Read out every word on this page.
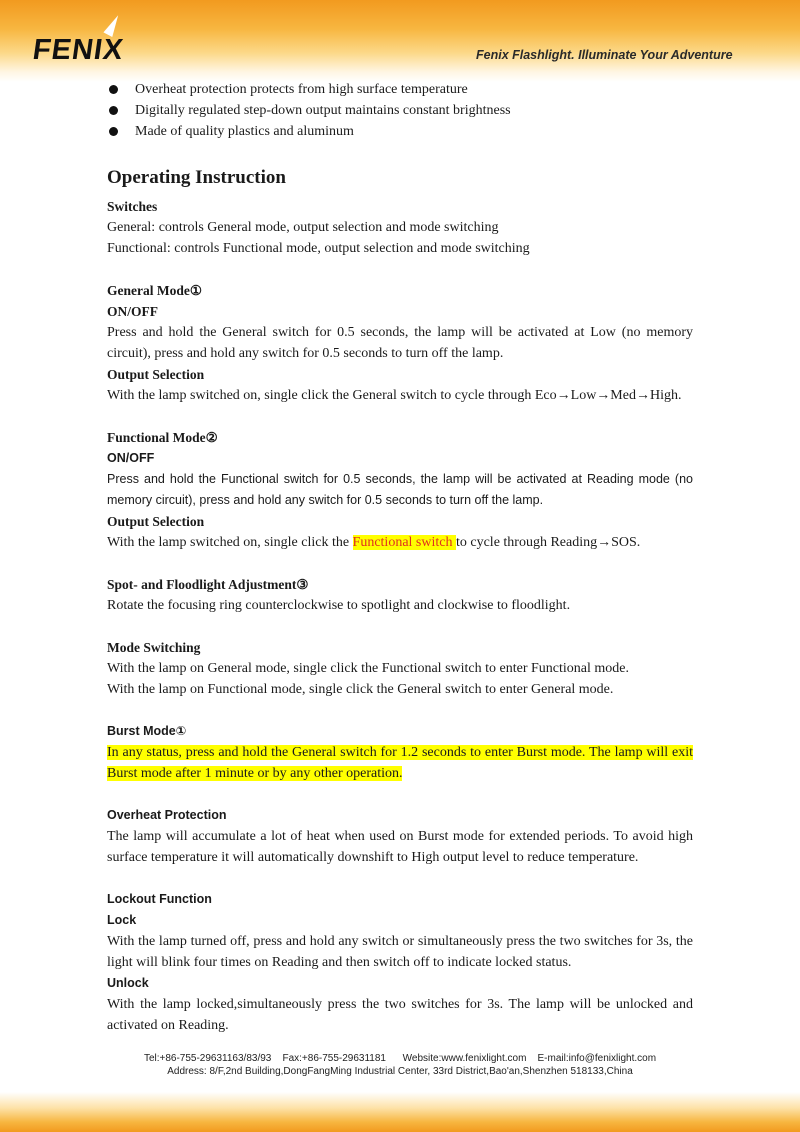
FENIX	Fenix Flashlight. Illuminate Your Adventure
Overheat protection protects from high surface temperature
Digitally regulated step-down output maintains constant brightness
Made of quality plastics and aluminum
Operating Instruction

Switches

General: controls General mode, output selection and mode switching

Functional: controls Functional mode, output selection and mode switching

General Mode①

ON/OFF

Press and hold the General switch for 0.5 seconds, the lamp will be activated at Low (no memory circuit), press and hold any switch for 0.5 seconds to turn off the lamp.

Output Selection

With the lamp switched on, single click the General switch to cycle through Eco→Low→Med→High.

Functional Mode②

ON/OFF

Press and hold the Functional switch for 0.5 seconds, the lamp will be activated at Reading mode (no memory circuit), press and hold any switch for 0.5 seconds to turn off the lamp.

Output Selection

With the lamp switched on, single click the Functional switch to cycle through Reading→SOS.

Spot- and Floodlight Adjustment③

Rotate the focusing ring counterclockwise to spotlight and clockwise to floodlight.

Mode Switching

With the lamp on General mode, single click the Functional switch to enter Functional mode.

With the lamp on Functional mode, single click the General switch to enter General mode.

Burst Mode①

In any status, press and hold the General switch for 1.2 seconds to enter Burst mode. The lamp will exit Burst mode after 1 minute or by any other operation.

Overheat Protection

The lamp will accumulate a lot of heat when used on Burst mode for extended periods. To avoid high surface temperature it will automatically downshift to High output level to reduce temperature.

Lockout Function

Lock

With the lamp turned off, press and hold any switch or simultaneously press the two switches for 3s, the light will blink four times on Reading and then switch off to indicate locked status.

Unlock

With the lamp locked,simultaneously press the two switches for 3s. The lamp will be unlocked and activated on Reading.

Tel:+86-755-29631163/83/93    Fax:+86-755-29631181      Website:www.fenixlight.com    E-mail:info@fenixlight.com
Address: 8/F,2nd Building,DongFangMing Industrial Center, 33rd District,Bao'an,Shenzhen 518133,China
